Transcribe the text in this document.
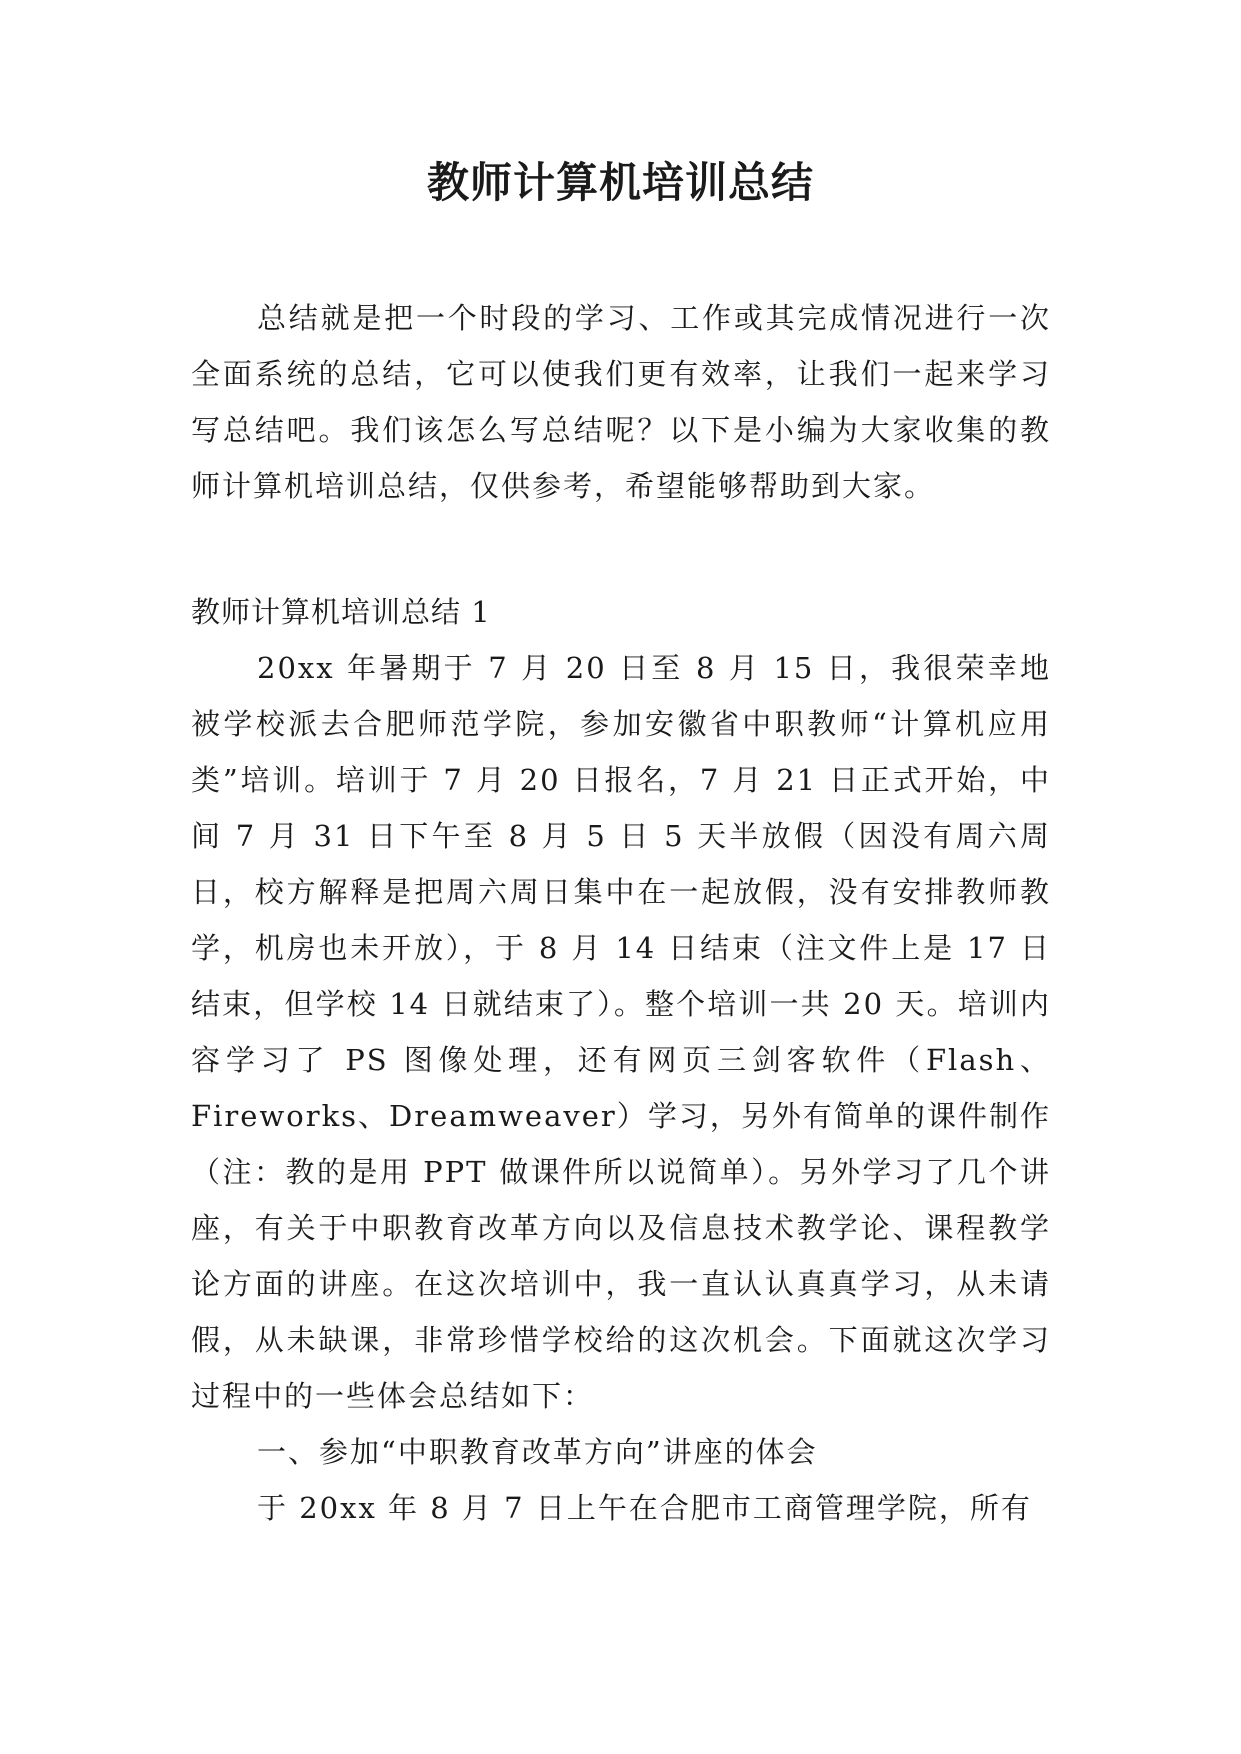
教师计算机培训总结

总结就是把一个时段的学习、工作或其完成情况进行一次全面系统的总结，它可以使我们更有效率，让我们一起来学习写总结吧。我们该怎么写总结呢？以下是小编为大家收集的教师计算机培训总结，仅供参考，希望能够帮助到大家。

教师计算机培训总结 1

20xx 年暑期于 7 月 20 日至 8 月 15 日，我很荣幸地被学校派去合肥师范学院，参加安徽省中职教师“计算机应用类”培训。培训于 7 月 20 日报名，7 月 21 日正式开始，中间 7 月 31 日下午至 8 月 5 日 5 天半放假（因没有周六周日，校方解释是把周六周日集中在一起放假，没有安排教师教学，机房也未开放），于 8 月 14 日结束（注文件上是 17 日结束，但学校 14 日就结束了）。整个培训一共 20 天。培训内容学习了 PS 图像处理，还有网页三剑客软件（Flash、Fireworks、Dreamweaver）学习，另外有简单的课件制作（注：教的是用 PPT 做课件所以说简单）。另外学习了几个讲座，有关于中职教育改革方向以及信息技术教学论、课程教学论方面的讲座。在这次培训中，我一直认认真真学习，从未请假，从未缺课，非常珍惜学校给的这次机会。下面就这次学习过程中的一些体会总结如下：

一、参加“中职教育改革方向”讲座的体会

于 20xx 年 8 月 7 日上午在合肥市工商管理学院，所有
